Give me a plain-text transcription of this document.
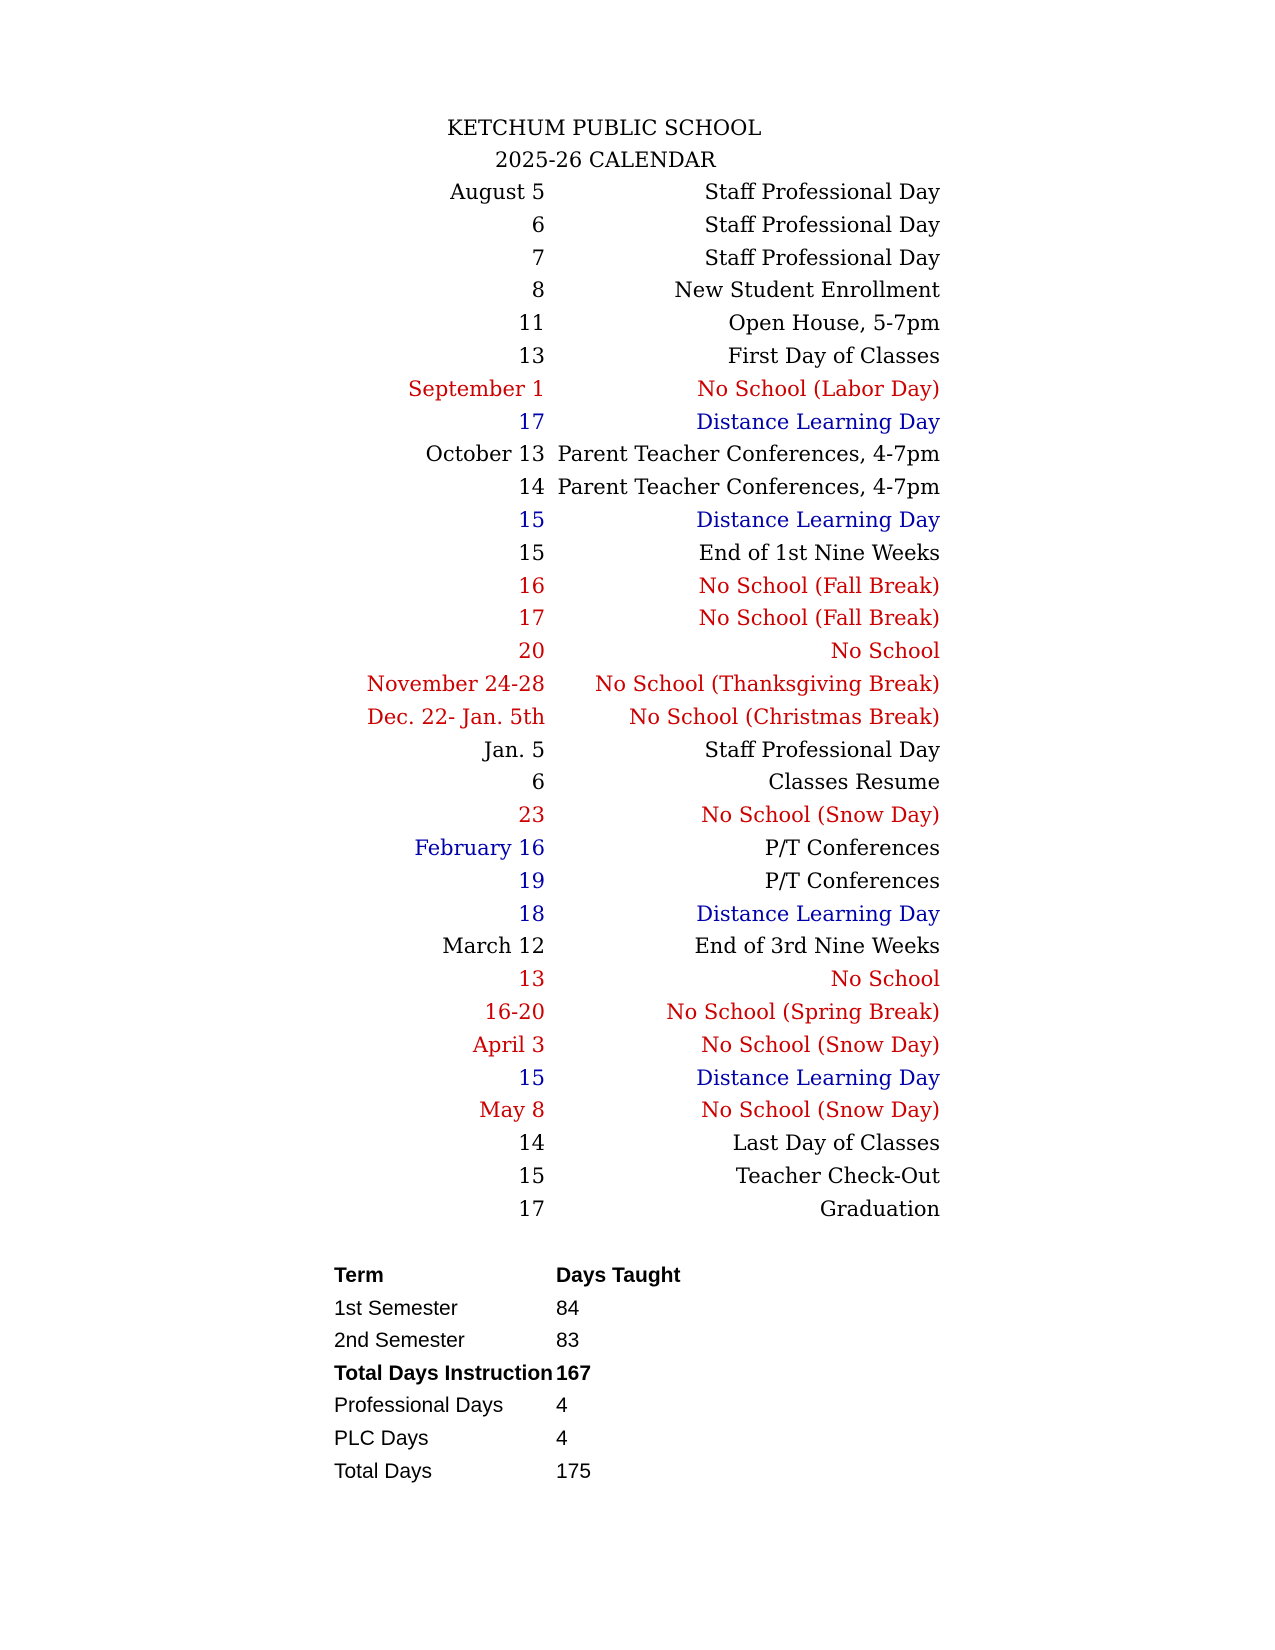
KETCHUM PUBLIC SCHOOL
2025-26 CALENDAR
August 5	Staff Professional Day
6	Staff Professional Day
7	Staff Professional Day
8	New Student Enrollment
11	Open House, 5-7pm
13	First Day of Classes
September 1	No School (Labor Day)
17	Distance Learning Day
October 13 Parent Teacher Conferences, 4-7pm
14 Parent Teacher Conferences, 4-7pm
15	Distance Learning Day
15	End of 1st Nine Weeks
16	No School (Fall Break)
17	No School (Fall Break)
20	No School
November 24-28 No School (Thanksgiving Break)
Dec. 22- Jan. 5th	No School (Christmas Break)
Jan. 5	Staff Professional Day
6	Classes Resume
23	No School (Snow Day)
February 16	P/T Conferences
19	P/T Conferences
18	Distance Learning Day
March 12	End of 3rd Nine Weeks
13	No School
16-20	No School (Spring Break)
April 3	No School (Snow Day)
15	Distance Learning Day
May 8	No School (Snow Day)
14	Last Day of Classes
15	Teacher Check-Out
17	Graduation
Term	Days Taught
1st Semester	84
2nd Semester	83
Total Days Instruction 167
Professional Days	4
PLC Days	4
Total Days	175
